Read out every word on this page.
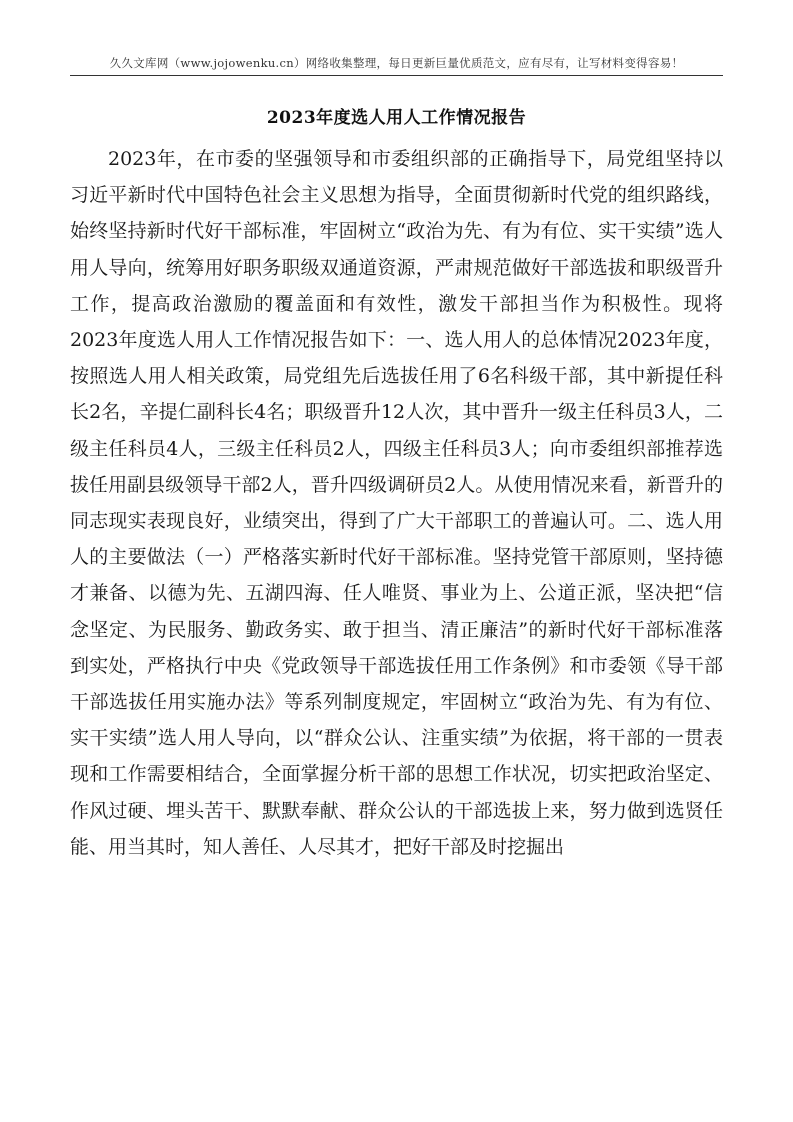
久久文库网（www.jojowenku.cn）网络收集整理，每日更新巨量优质范文，应有尽有，让写材料变得容易！
2023年度选人用人工作情况报告

2023年，在市委的坚强领导和市委组织部的正确指导下，局党组坚持以习近平新时代中国特色社会主义思想为指导，全面贯彻新时代党的组织路线，始终坚持新时代好干部标准，牢固树立“政治为先、有为有位、实干实绩”选人用人导向，统筹用好职务职级双通道资源，严肃规范做好干部选拔和职级晋升工作，提高政治激励的覆盖面和有效性，激发干部担当作为积极性。现将2023年度选人用人工作情况报告如下：一、选人用人的总体情况2023年度，按照选人用人相关政策，局党组先后选拔任用了6名科级干部，其中新提任科长2名，辛提仁副科长4名；职级晋升12人次，其中晋升一级主任科员3人，二级主任科员4人，三级主任科员2人，四级主任科员3人；向市委组织部推荐选拔任用副县级领导干部2人，晋升四级调研员2人。从使用情况来看，新晋升的同志现实表现良好，业绩突出，得到了广大干部职工的普遍认可。二、选人用人的主要做法（一）严格落实新时代好干部标准。坚持党管干部原则，坚持德才兼备、以德为先、五湖四海、任人唯贤、事业为上、公道正派，坚决把“信念坚定、为民服务、勤政务实、敢于担当、清正廉洁”的新时代好干部标准落到实处，严格执行中央《党政领导干部选拔任用工作条例》和市委领《导干部干部选拔任用实施办法》等系列制度规定，牢固树立“政治为先、有为有位、实干实绩”选人用人导向，以“群众公认、注重实绩”为依据，将干部的一贯表现和工作需要相结合，全面掌握分析干部的思想工作状况，切实把政治坚定、作风过硬、埋头苦干、默默奉献、群众公认的干部选拔上来，努力做到选贤任能、用当其时，知人善任、人尽其才，把好干部及时挖掘出
